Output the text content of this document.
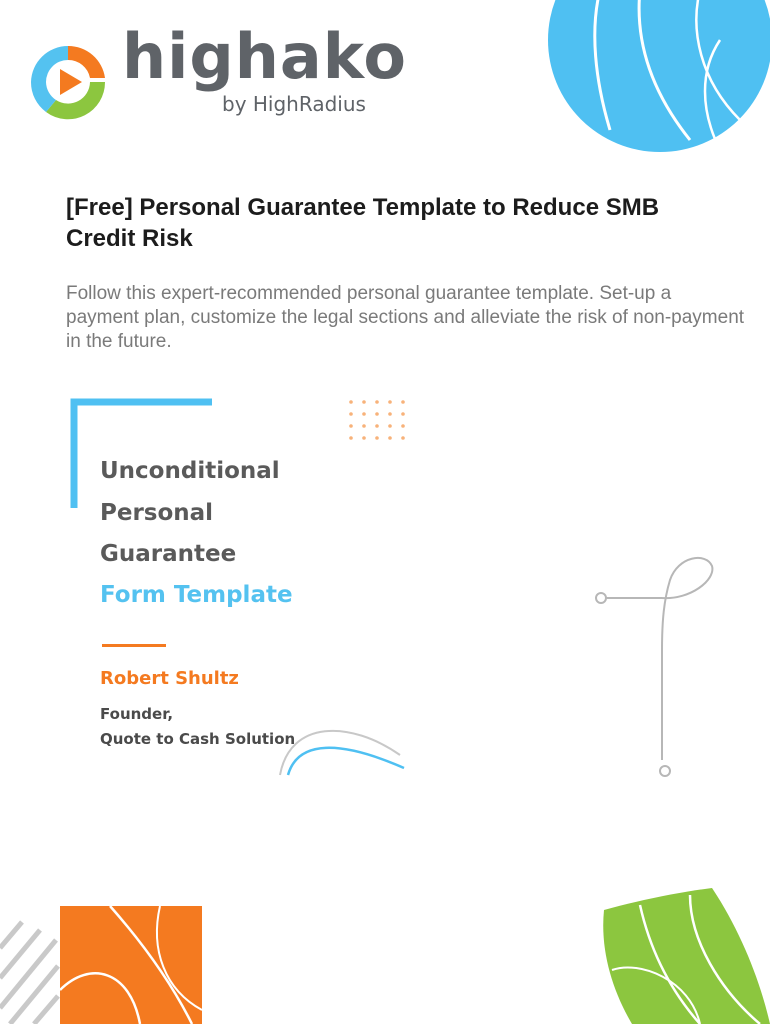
highako
by HighRadius
[Free] Personal Guarantee Template to Reduce SMB Credit Risk

Follow this expert-recommended personal guarantee template. Set-up a payment plan, customize the legal sections and alleviate the risk of non-payment in the future.

Unconditional
Personal
Guarantee
Form Template
Robert Shultz
Founder,
Quote to Cash Solution
